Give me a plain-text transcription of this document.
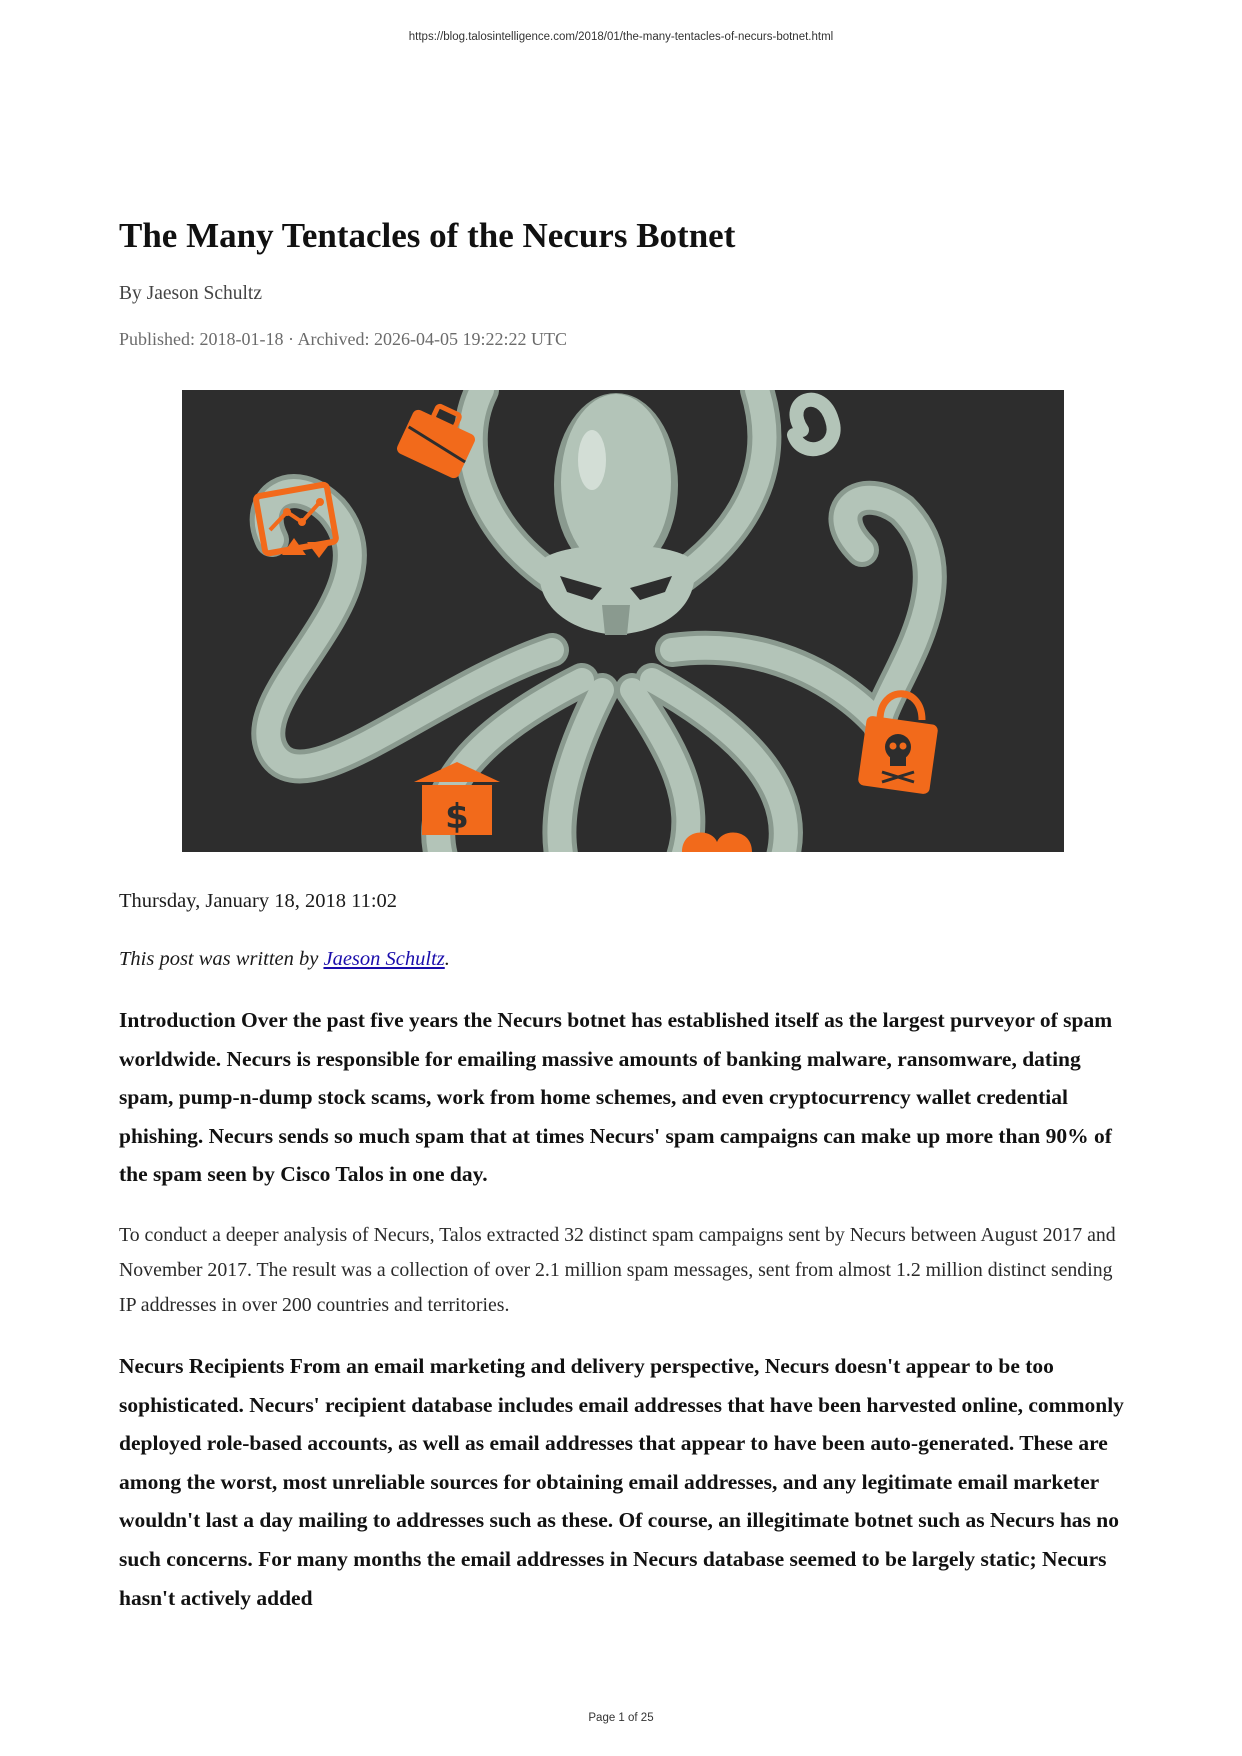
https://blog.talosintelligence.com/2018/01/the-many-tentacles-of-necurs-botnet.html
The Many Tentacles of the Necurs Botnet
By Jaeson Schultz
Published: 2018-01-18 · Archived: 2026-04-05 19:22:22 UTC
$
Thursday, January 18, 2018 11:02
This post was written by Jaeson Schultz.
Introduction Over the past five years the Necurs botnet has established itself as the largest purveyor of spam worldwide. Necurs is responsible for emailing massive amounts of banking malware, ransomware, dating spam, pump-n-dump stock scams, work from home schemes, and even cryptocurrency wallet credential phishing. Necurs sends so much spam that at times Necurs' spam campaigns can make up more than 90% of the spam seen by Cisco Talos in one day.
To conduct a deeper analysis of Necurs, Talos extracted 32 distinct spam campaigns sent by Necurs between August 2017 and November 2017. The result was a collection of over 2.1 million spam messages, sent from almost 1.2 million distinct sending IP addresses in over 200 countries and territories.
Necurs Recipients From an email marketing and delivery perspective, Necurs doesn't appear to be too sophisticated. Necurs' recipient database includes email addresses that have been harvested online, commonly deployed role-based accounts, as well as email addresses that appear to have been auto-generated. These are among the worst, most unreliable sources for obtaining email addresses, and any legitimate email marketer wouldn't last a day mailing to addresses such as these. Of course, an illegitimate botnet such as Necurs has no such concerns. For many months the email addresses in Necurs database seemed to be largely static; Necurs hasn't actively added
Page 1 of 25
